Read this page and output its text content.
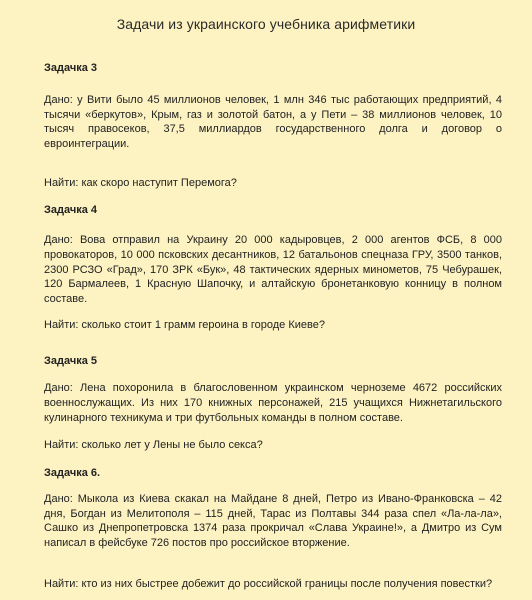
Задачи из украинского учебника арифметики

Задачка 3

Дано: у Вити было 45 миллионов человек, 1 млн 346 тыс работающих предприятий, 4 тысячи «беркутов», Крым, газ и золотой батон, а у Пети – 38 миллионов человек, 10 тысяч правосеков, 37,5 миллиардов государственного долга и договор о евроинтеграции.

Найти: как скоро наступит Перемога?

Задачка 4

Дано: Вова отправил на Украину 20 000 кадыровцев, 2 000 агентов ФСБ, 8 000 провокаторов, 10 000 псковских десантников, 12 батальонов спецназа ГРУ, 3500 танков, 2300 РСЗО «Град», 170 ЗРК «Бук», 48 тактических ядерных минометов, 75 Чебурашек, 120 Бармалеев, 1 Красную Шапочку, и алтайскую бронетанковую конницу в полном составе.

Найти: сколько стоит 1 грамм героина в городе Киеве?

Задачка 5

Дано: Лена похоронила в благословенном украинском черноземе 4672 российских военнослужащих. Из них 170 книжных персонажей, 215 учащихся Нижнетагильского кулинарного техникума и три футбольных команды в полном составе.

Найти: сколько лет у Лены не было секса?

Задачка 6.

Дано: Мыкола из Киева скакал на Майдане 8 дней, Петро из Ивано-Франковска – 42 дня, Богдан из Мелитополя – 115 дней, Тарас из Полтавы 344 раза спел «Ла-ла-ла», Сашко из Днепропетровска 1374 раза прокричал «Слава Украине!», а Дмитро из Сум написал в фейсбуке 726 постов про российское вторжение.

Найти: кто из них быстрее добежит до российской границы после получения повестки?
